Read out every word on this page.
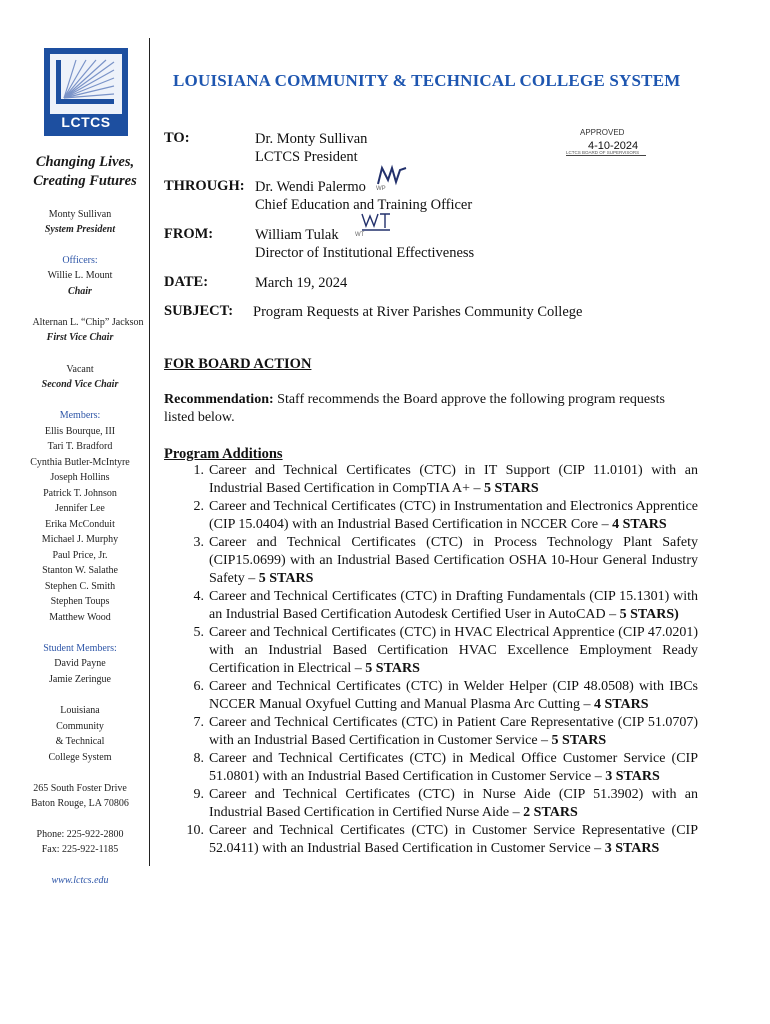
LCTCS
Changing Lives,
Creating Futures
Monty Sullivan
System President
Officers:
Willie L. Mount
Chair
Alternan L. “Chip” Jackson
First Vice Chair
Vacant
Second Vice Chair
Members:
Ellis Bourque, III
Tari T. Bradford
Cynthia Butler-McIntyre
Joseph Hollins
Patrick T. Johnson
Jennifer Lee
Erika McConduit
Michael J. Murphy
Paul Price, Jr.
Stanton W. Salathe
Stephen C. Smith
Stephen Toups
Matthew Wood
Student Members:
David Payne
Jamie Zeringue
Louisiana
Community
& Technical
College System
265 South Foster Drive
Baton Rouge, LA 70806
Phone: 225-922-2800
Fax: 225-922-1185
www.lctcs.edu
LOUISIANA COMMUNITY & TECHNICAL COLLEGE SYSTEM
APPROVED
4-10-2024
LCTCS BOARD OF SUPERVISORS
TO:	Dr. Monty Sullivan
LCTCS President
THROUGH: Dr. Wendi Palermo WP
Chief Education and Training Officer
FROM:	William Tulak	WT
Director of Institutional Effectiveness
DATE:	March 19, 2024
SUBJECT: Program Requests at River Parishes Community College
FOR BOARD ACTION
Recommendation: Staff recommends the Board approve the following program requests listed below.
Program Additions
1. Career and Technical Certificates (CTC) in IT Support (CIP 11.0101) with an Industrial Based Certification in CompTIA A+ – 5 STARS
2. Career and Technical Certificates (CTC) in Instrumentation and Electronics Apprentice (CIP 15.0404) with an Industrial Based Certification in NCCER Core – 4 STARS
3. Career and Technical Certificates (CTC) in Process Technology Plant Safety (CIP15.0699) with an Industrial Based Certification OSHA 10-Hour General Industry Safety – 5 STARS
4. Career and Technical Certificates (CTC) in Drafting Fundamentals (CIP 15.1301) with an Industrial Based Certification Autodesk Certified User in AutoCAD – 5 STARS)
5. Career and Technical Certificates (CTC) in HVAC Electrical Apprentice (CIP 47.0201) with an Industrial Based Certification HVAC Excellence Employment Ready Certification in Electrical – 5 STARS
6. Career and Technical Certificates (CTC) in Welder Helper (CIP 48.0508) with IBCs NCCER Manual Oxyfuel Cutting and Manual Plasma Arc Cutting – 4 STARS
7. Career and Technical Certificates (CTC) in Patient Care Representative (CIP 51.0707) with an Industrial Based Certification in Customer Service – 5 STARS
8. Career and Technical Certificates (CTC) in Medical Office Customer Service (CIP 51.0801) with an Industrial Based Certification in Customer Service – 3 STARS
9. Career and Technical Certificates (CTC) in Nurse Aide (CIP 51.3902) with an Industrial Based Certification in Certified Nurse Aide – 2 STARS
10. Career and Technical Certificates (CTC) in Customer Service Representative (CIP 52.0411) with an Industrial Based Certification in Customer Service – 3 STARS
